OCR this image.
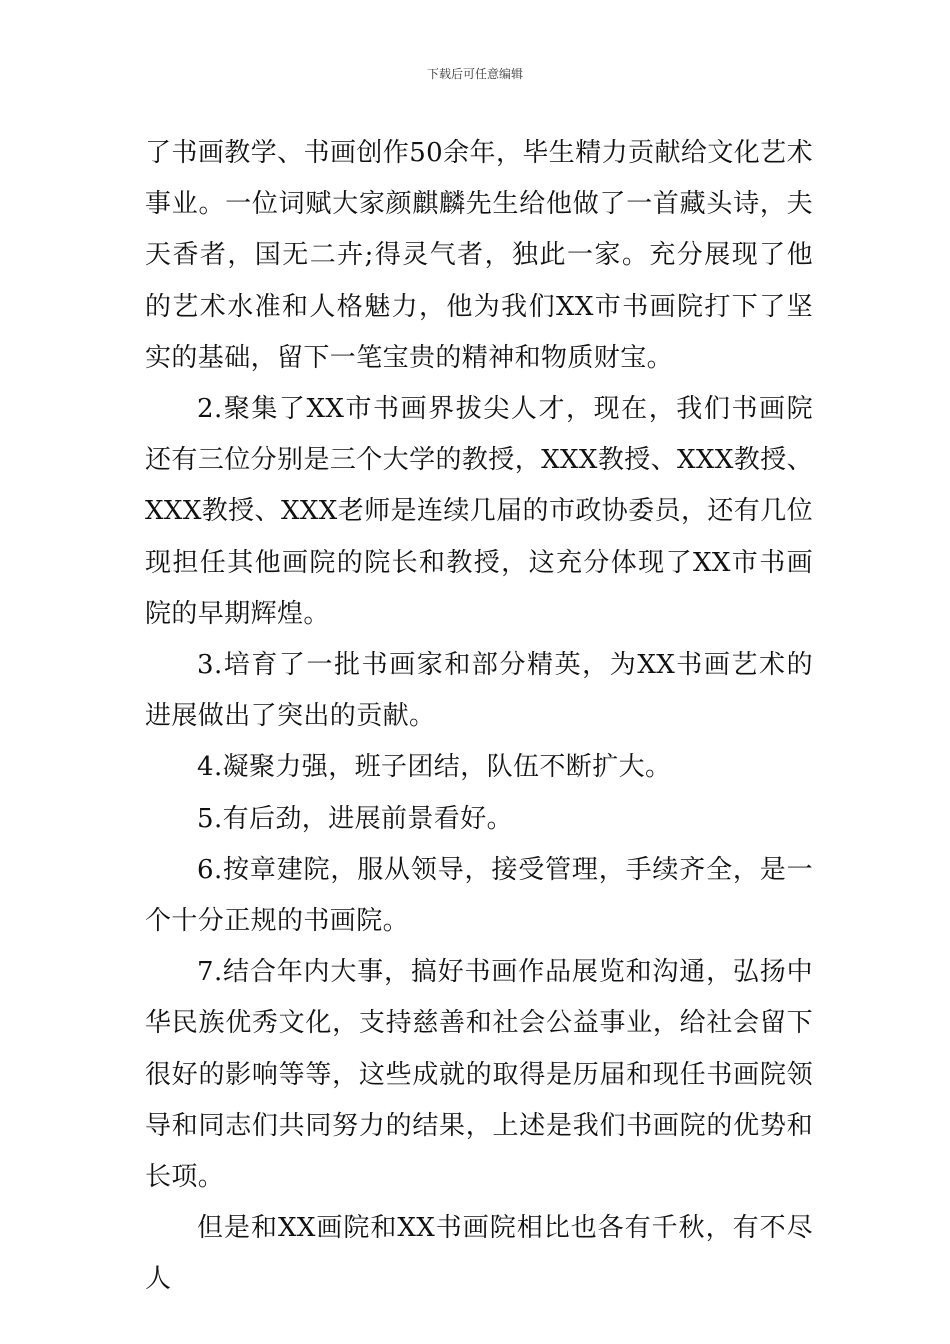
下载后可任意编辑

了书画教学、书画创作50余年，毕生精力贡献给文化艺术事业。一位词赋大家颜麒麟先生给他做了一首藏头诗，夫天香者，国无二卉;得灵气者，独此一家。充分展现了他的艺术水准和人格魅力，他为我们XX市书画院打下了坚实的基础，留下一笔宝贵的精神和物质财宝。

2.聚集了XX市书画界拔尖人才，现在，我们书画院还有三位分别是三个大学的教授，XXX教授、XXX教授、XXX教授、XXX老师是连续几届的市政协委员，还有几位现担任其他画院的院长和教授，这充分体现了XX市书画院的早期辉煌。

3.培育了一批书画家和部分精英，为XX书画艺术的进展做出了突出的贡献。

4.凝聚力强，班子团结，队伍不断扩大。

5.有后劲，进展前景看好。

6.按章建院，服从领导，接受管理，手续齐全，是一个十分正规的书画院。

7.结合年内大事，搞好书画作品展览和沟通，弘扬中华民族优秀文化，支持慈善和社会公益事业，给社会留下很好的影响等等，这些成就的取得是历届和现任书画院领导和同志们共同努力的结果，上述是我们书画院的优势和长项。

但是和XX画院和XX书画院相比也各有千秋，有不尽人
